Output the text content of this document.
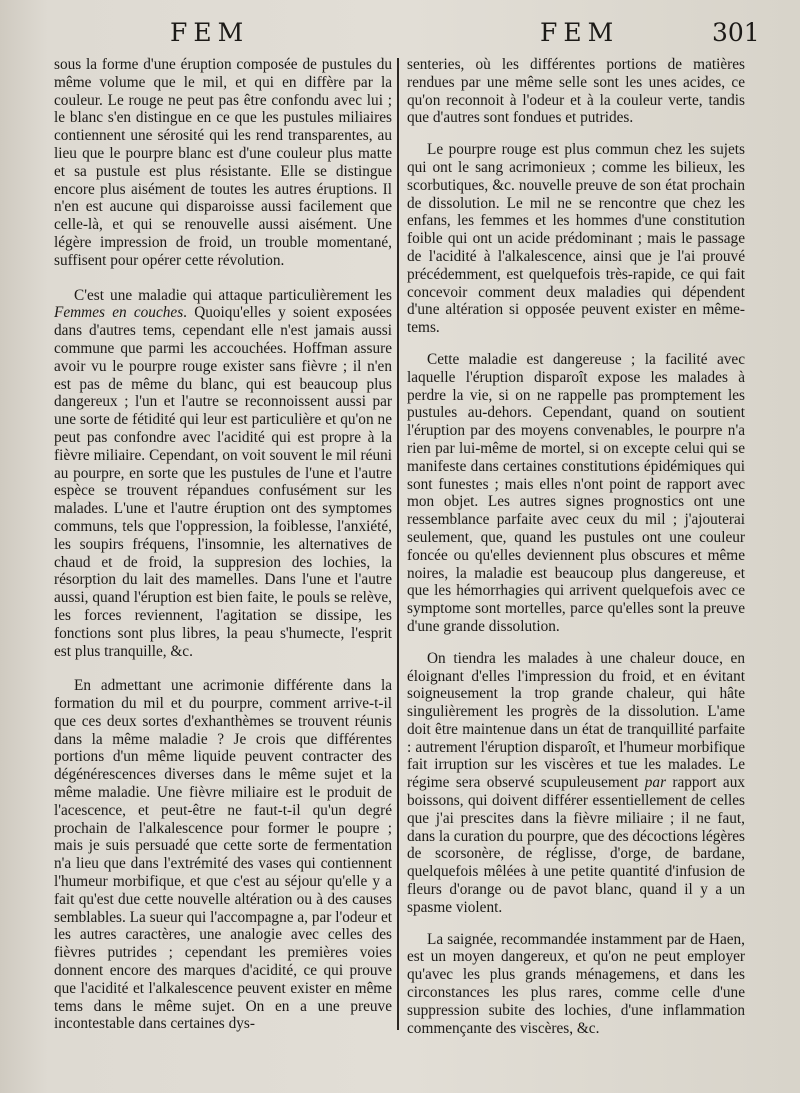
FEM	FEM	301

sous la forme d'une éruption composée de pustules du même volume que le mil, et qui en diffère par la couleur. Le rouge ne peut pas être confondu avec lui ; le blanc s'en distingue en ce que les pustules miliaires contiennent une sérosité qui les rend transparentes, au lieu que le pourpre blanc est d'une couleur plus matte et sa pustule est plus résistante. Elle se distingue encore plus aisément de toutes les autres éruptions. Il n'en est aucune qui disparoisse aussi facilement que celle-là, et qui se renouvelle aussi aisément. Une légère impression de froid, un trouble momentané, suffisent pour opérer cette révolution.

C'est une maladie qui attaque particulièrement les Femmes en couches. Quoiqu'elles y soient exposées dans d'autres tems, cependant elle n'est jamais aussi commune que parmi les accouchées. Hoffman assure avoir vu le pourpre rouge exister sans fièvre ; il n'en est pas de même du blanc, qui est beaucoup plus dangereux ; l'un et l'autre se reconnoissent aussi par une sorte de fétidité qui leur est particulière et qu'on ne peut pas confondre avec l'acidité qui est propre à la fièvre miliaire. Cependant, on voit souvent le mil réuni au pourpre, en sorte que les pustules de l'une et l'autre espèce se trouvent répandues confusément sur les malades. L'une et l'autre éruption ont des symptomes communs, tels que l'oppression, la foiblesse, l'anxiété, les soupirs fréquens, l'insomnie, les alternatives de chaud et de froid, la suppresion des lochies, la résorption du lait des mamelles. Dans l'une et l'autre aussi, quand l'éruption est bien faite, le pouls se relève, les forces reviennent, l'agitation se dissipe, les fonctions sont plus libres, la peau s'humecte, l'esprit est plus tranquille, &c.

En admettant une acrimonie différente dans la formation du mil et du pourpre, comment arrive-t-il que ces deux sortes d'exhanthèmes se trouvent réunis dans la même maladie ? Je crois que différentes portions d'un même liquide peuvent contracter des dégénérescences diverses dans le même sujet et la même maladie. Une fièvre miliaire est le produit de l'acescence, et peut-être ne faut-t-il qu'un degré prochain de l'alkalescence pour former le poupre ; mais je suis persuadé que cette sorte de fermentation n'a lieu que dans l'extrémité des vases qui contiennent l'humeur morbifique, et que c'est au séjour qu'elle y a fait qu'est due cette nouvelle altération ou à des causes semblables. La sueur qui l'accompagne a, par l'odeur et les autres caractères, une analogie avec celles des fièvres putrides ; cependant les premières voies donnent encore des marques d'acidité, ce qui prouve que l'acidité et l'alkalescence peuvent exister en même tems dans le même sujet. On en a une preuve incontestable dans certaines dys-

senteries, où les différentes portions de matières rendues par une même selle sont les unes acides, ce qu'on reconnoit à l'odeur et à la couleur verte, tandis que d'autres sont fondues et putrides.

Le pourpre rouge est plus commun chez les sujets qui ont le sang acrimonieux ; comme les bilieux, les scorbutiques, &c. nouvelle preuve de son état prochain de dissolution. Le mil ne se rencontre que chez les enfans, les femmes et les hommes d'une constitution foible qui ont un acide prédominant ; mais le passage de l'acidité à l'alkalescence, ainsi que je l'ai prouvé précédemment, est quelquefois très-rapide, ce qui fait concevoir comment deux maladies qui dépendent d'une altération si opposée peuvent exister en même-tems.

Cette maladie est dangereuse ; la facilité avec laquelle l'éruption disparoît expose les malades à perdre la vie, si on ne rappelle pas promptement les pustules au-dehors. Cependant, quand on soutient l'éruption par des moyens convenables, le pourpre n'a rien par lui-même de mortel, si on excepte celui qui se manifeste dans certaines constitutions épidémiques qui sont funestes ; mais elles n'ont point de rapport avec mon objet. Les autres signes prognostics ont une ressemblance parfaite avec ceux du mil ; j'ajouterai seulement, que, quand les pustules ont une couleur foncée ou qu'elles deviennent plus obscures et même noires, la maladie est beaucoup plus dangereuse, et que les hémorrhagies qui arrivent quelquefois avec ce symptome sont mortelles, parce qu'elles sont la preuve d'une grande dissolution.

On tiendra les malades à une chaleur douce, en éloignant d'elles l'impression du froid, et en évitant soigneusement la trop grande chaleur, qui hâte singulièrement les progrès de la dissolution. L'ame doit être maintenue dans un état de tranquillité parfaite : autrement l'éruption disparoît, et l'humeur morbifique fait irruption sur les viscères et tue les malades. Le régime sera observé scupuleusement par rapport aux boissons, qui doivent différer essentiellement de celles que j'ai prescites dans la fièvre miliaire ; il ne faut, dans la curation du pourpre, que des décoctions légères de scorsonère, de réglisse, d'orge, de bardane, quelquefois mêlées à une petite quantité d'infusion de fleurs d'orange ou de pavot blanc, quand il y a un spasme violent.

La saignée, recommandée instamment par de Haen, est un moyen dangereux, et qu'on ne peut employer qu'avec les plus grands ménagemens, et dans les circonstances les plus rares, comme celle d'une suppression subite des lochies, d'une inflammation commençante des viscères, &c.
